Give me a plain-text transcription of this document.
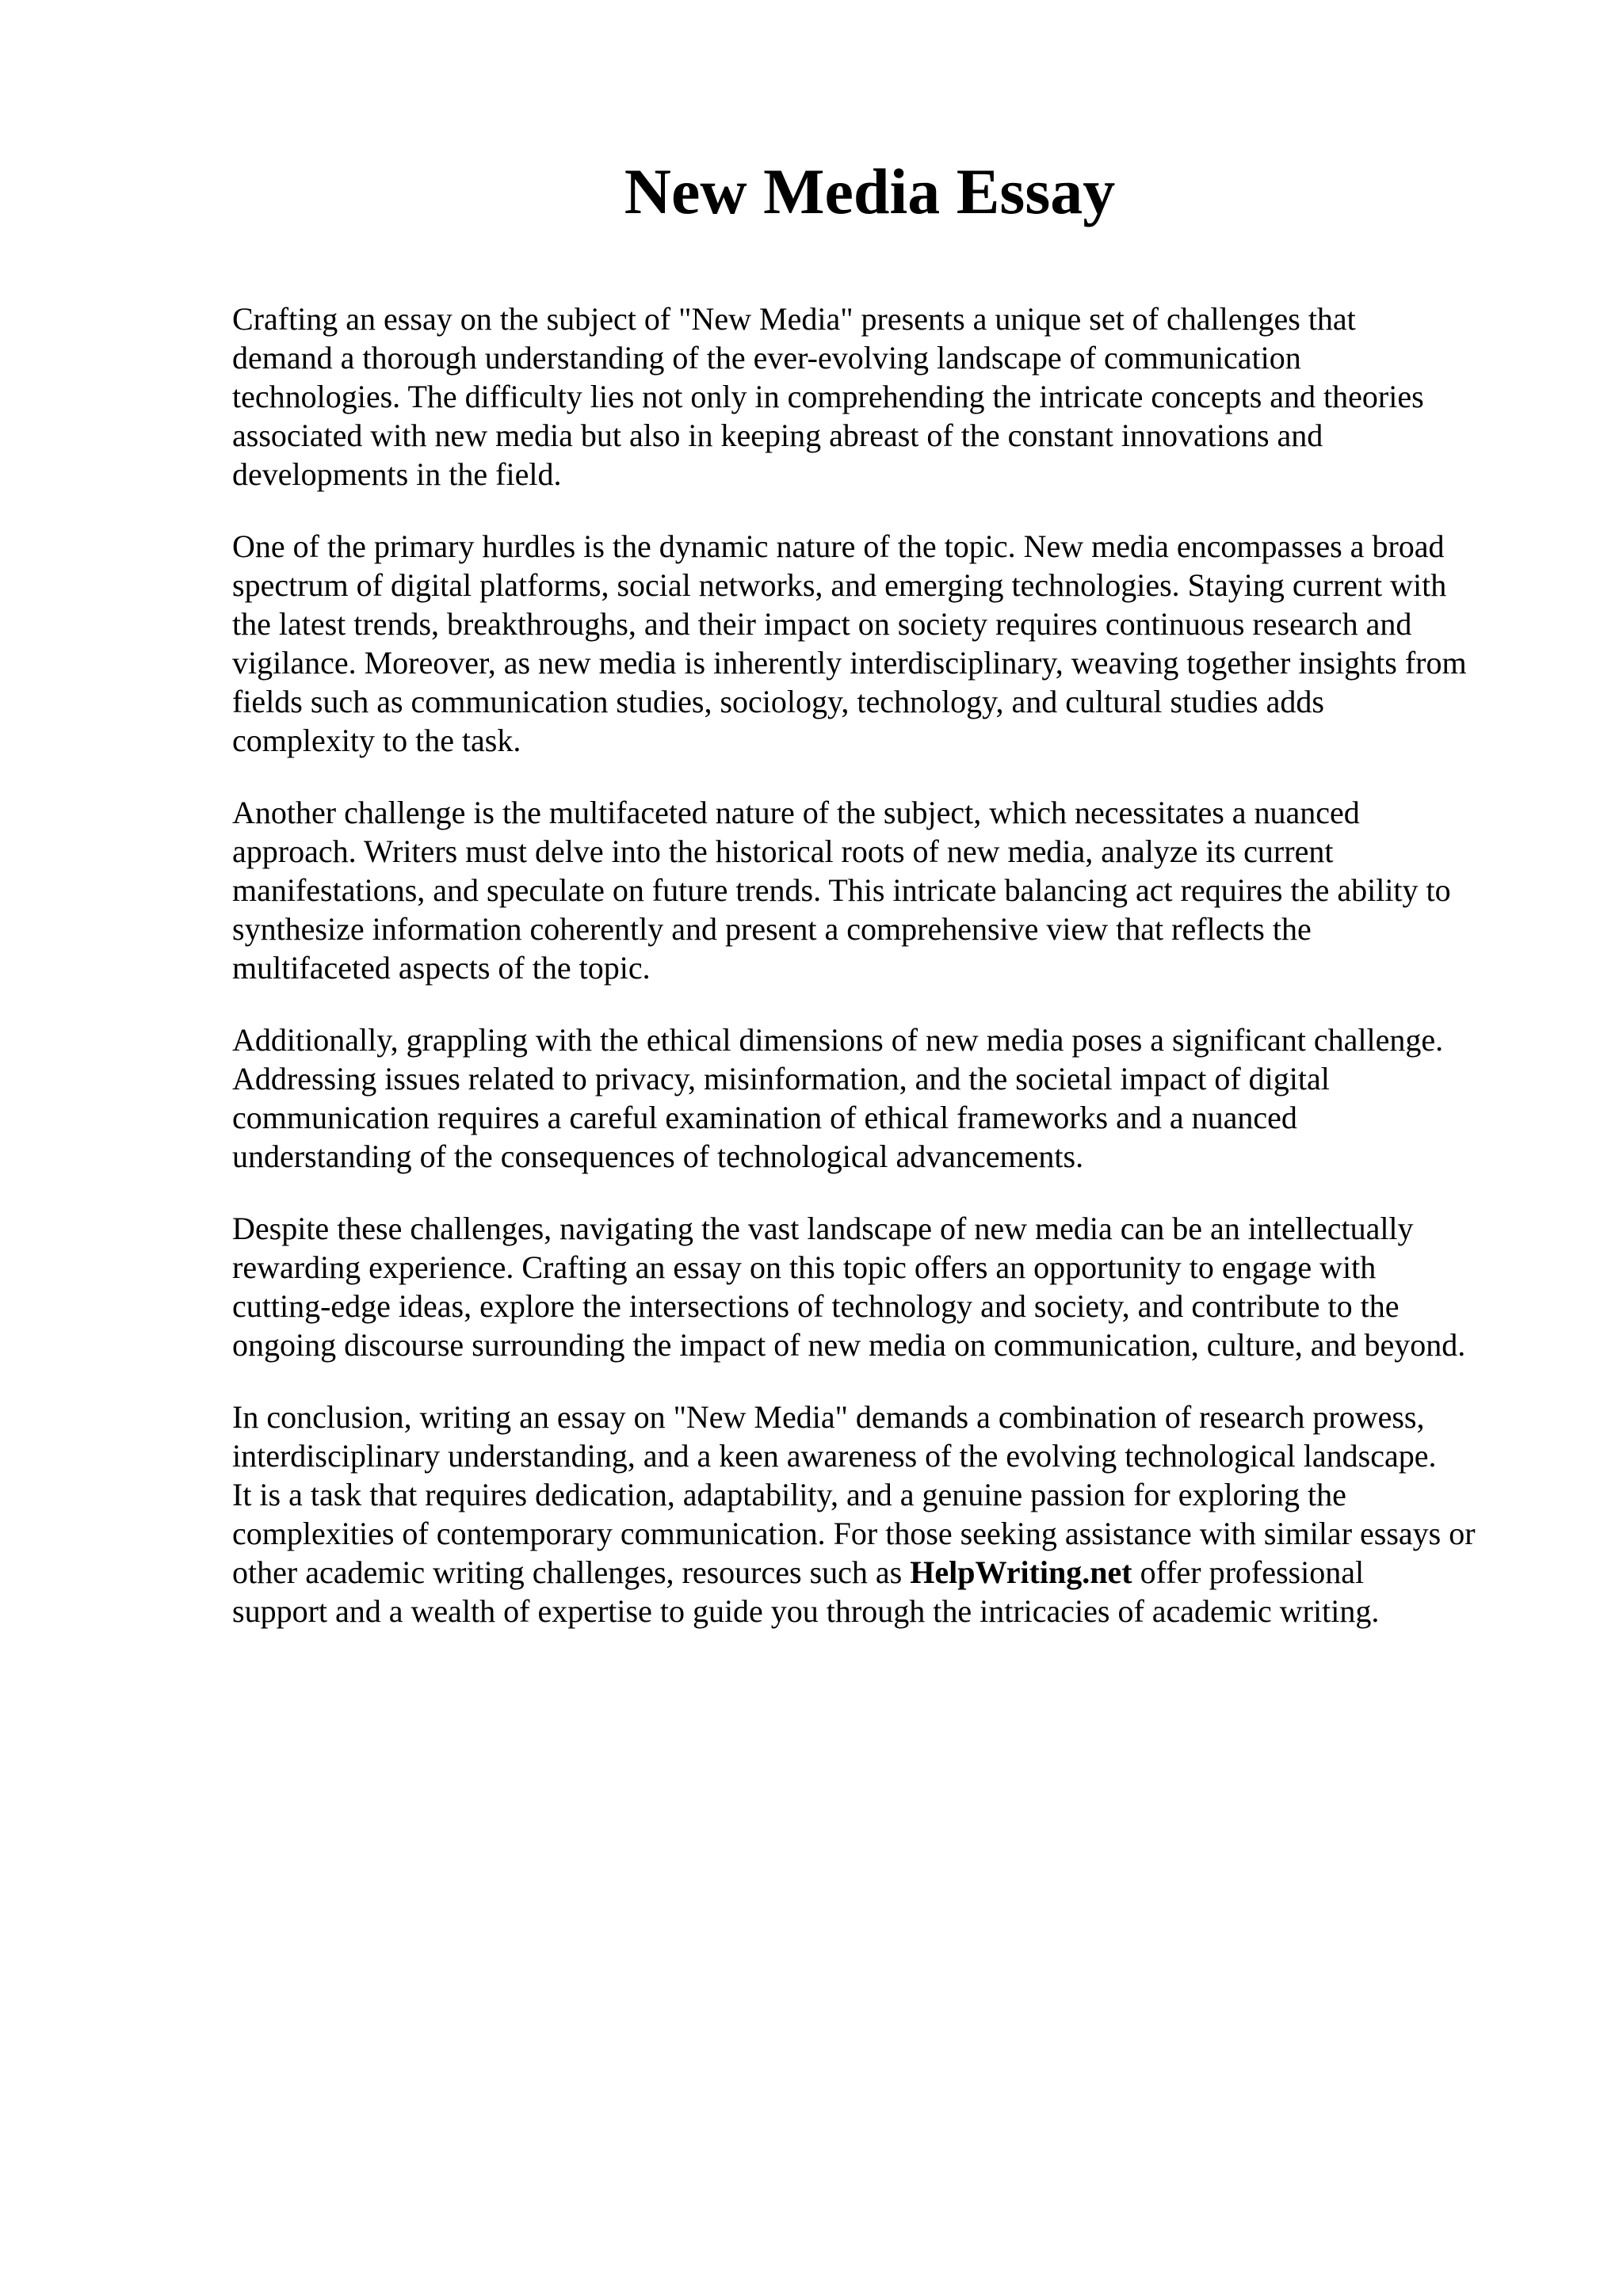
New Media Essay

Crafting an essay on the subject of "New Media" presents a unique set of challenges that
demand a thorough understanding of the ever-evolving landscape of communication
technologies. The difficulty lies not only in comprehending the intricate concepts and theories
associated with new media but also in keeping abreast of the constant innovations and
developments in the field.

One of the primary hurdles is the dynamic nature of the topic. New media encompasses a broad
spectrum of digital platforms, social networks, and emerging technologies. Staying current with
the latest trends, breakthroughs, and their impact on society requires continuous research and
vigilance. Moreover, as new media is inherently interdisciplinary, weaving together insights from
fields such as communication studies, sociology, technology, and cultural studies adds
complexity to the task.

Another challenge is the multifaceted nature of the subject, which necessitates a nuanced
approach. Writers must delve into the historical roots of new media, analyze its current
manifestations, and speculate on future trends. This intricate balancing act requires the ability to
synthesize information coherently and present a comprehensive view that reflects the
multifaceted aspects of the topic.

Additionally, grappling with the ethical dimensions of new media poses a significant challenge.
Addressing issues related to privacy, misinformation, and the societal impact of digital
communication requires a careful examination of ethical frameworks and a nuanced
understanding of the consequences of technological advancements.

Despite these challenges, navigating the vast landscape of new media can be an intellectually
rewarding experience. Crafting an essay on this topic offers an opportunity to engage with
cutting-edge ideas, explore the intersections of technology and society, and contribute to the
ongoing discourse surrounding the impact of new media on communication, culture, and beyond.

In conclusion, writing an essay on "New Media" demands a combination of research prowess,
interdisciplinary understanding, and a keen awareness of the evolving technological landscape.
It is a task that requires dedication, adaptability, and a genuine passion for exploring the
complexities of contemporary communication. For those seeking assistance with similar essays or
other academic writing challenges, resources such as HelpWriting.net offer professional
support and a wealth of expertise to guide you through the intricacies of academic writing.
